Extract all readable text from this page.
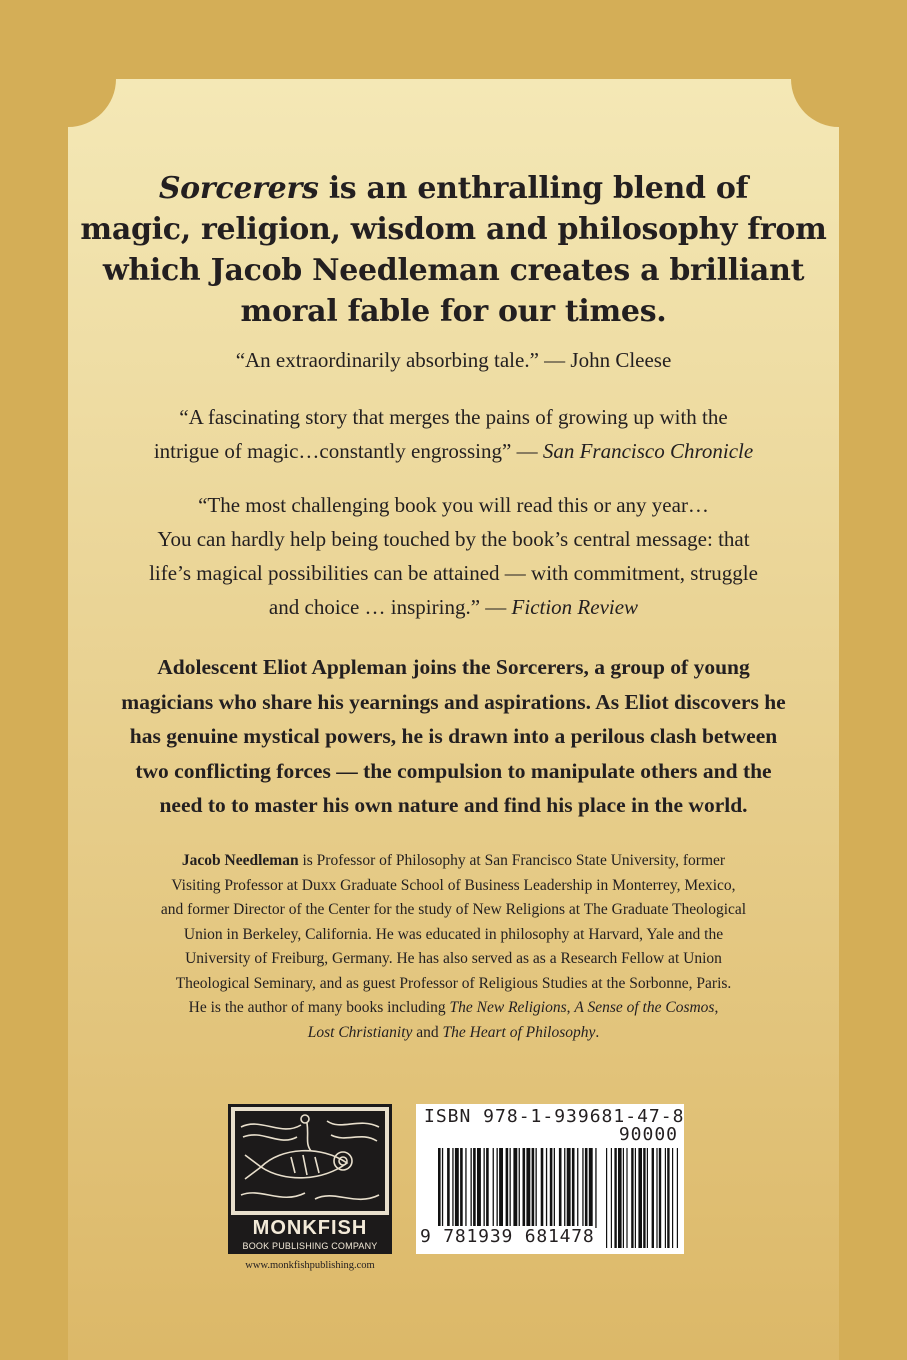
Sorcerers is an enthralling blend of
magic, religion, wisdom and philosophy from
which Jacob Needleman creates a brilliant
moral fable for our times.
“An extraordinarily absorbing tale.” — John Cleese
“A fascinating story that merges the pains of growing up with the
intrigue of magic…constantly engrossing” — San Francisco Chronicle
“The most challenging book you will read this or any year…
You can hardly help being touched by the book’s central message: that
life’s magical possibilities can be attained — with commitment, struggle
and choice … inspiring.” — Fiction Review
Adolescent Eliot Appleman joins the Sorcerers, a group of young
magicians who share his yearnings and aspirations. As Eliot discovers he
has genuine mystical powers, he is drawn into a perilous clash between
two conflicting forces — the compulsion to manipulate others and the
need to to master his own nature and find his place in the world.
Jacob Needleman is Professor of Philosophy at San Francisco State University, former
Visiting Professor at Duxx Graduate School of Business Leadership in Monterrey, Mexico,
and former Director of the Center for the study of New Religions at The Graduate Theological
Union in Berkeley, California. He was educated in philosophy at Harvard, Yale and the
University of Freiburg, Germany. He has also served as as a Research Fellow at Union
Theological Seminary, and as guest Professor of Religious Studies at the Sorbonne, Paris.
He is the author of many books including The New Religions, A Sense of the Cosmos,
Lost Christianity and The Heart of Philosophy.
MONKFISH
BOOK PUBLISHING COMPANY
www.monkfishpublishing.com
ISBN 978-1-939681-47-8
90000
9 781939 681478
